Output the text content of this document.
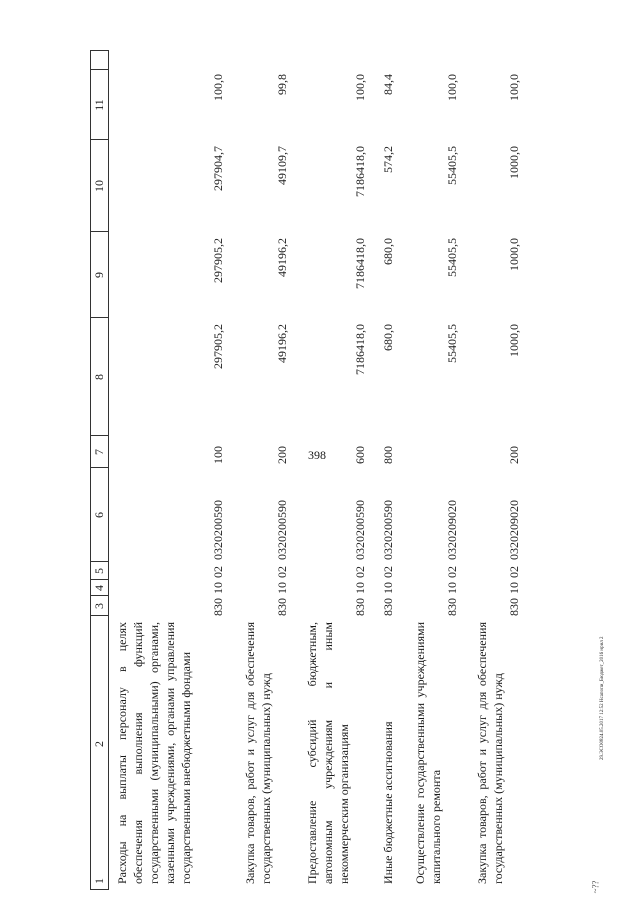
398
29.ЭСО0824.05.2017 12:52 Нсапопи_Бюджет_2016 нрил 2
~??
1
2
3
4
5
6
7
8
9
10
11
Расходы на выплаты персоналу в целях обеспечения выполнения функций государственными (муниципальными) органами, казенными учреждениями, органами управления государственными внебюджетными фондами
830
10
02
0320200590
100
297905,2
297905,2
297904,7
100,0
Закупка товаров, работ и услуг для обеспечения государственных (муниципальных) нужд
830
10
02
0320200590
200
49196,2
49196,2
49109,7
99,8
Предоставление субсидий бюджетным, автономным учреждениям и иным некоммерческим организациям
830
10
02
0320200590
600
7186418,0
7186418,0
7186418,0
100,0
Иные бюджетные ассигнования
830
10
02
0320200590
800
680,0
680,0
574,2
84,4
Осуществление государственными учреждениями капитального ремонта
830
10
02
0320209020
55405,5
55405,5
55405,5
100,0
Закупка товаров, работ и услуг для обеспечения государственных (муниципальных) нужд
830
10
02
0320209020
200
1000,0
1000,0
1000,0
100,0
